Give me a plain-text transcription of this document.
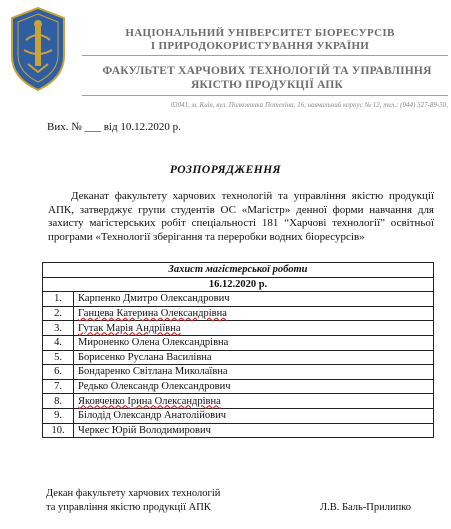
НАЦІОНАЛЬНИЙ УНІВЕРСИТЕТ БІОРЕСУРСІВ
І ПРИРОДОКОРИСТУВАННЯ УКРАЇНИ
ФАКУЛЬТЕТ ХАРЧОВИХ ТЕХНОЛОГІЙ ТА УПРАВЛІННЯ
ЯКІСТЮ ПРОДУКЦІЇ АПК
03041, м. Київ, вул. Полковника Потехіна, 16, навчальний корпус № 12, тел.: (044) 527-89-50,
Вих. № ___ від 10.12.2020 р.
РОЗПОРЯДЖЕННЯ
Деканат факультету харчових технологій та управління якістю продукції АПК, затверджує групи студентів ОС «Магістр» денної форми навчання для захисту магістерських робіт спеціальності 181 “Харчові технології” освітньої програми «Технології зберігання та переробки водних біоресурсів»
Захист магістерської роботи	
16.12.2020 р.	
1.	Карпенко Дмитро Олександрович
2.	Ганцева Катерина Олександрівна
3.	Гутак Марія Андріївна
4.	Мироненко Олена Олександрівна
5.	Борисенко Руслана Василівна
6.	Бондаренко Світлана Миколаївна
7.	Редько Олександр Олександрович
8.	Яковченко Ірина Олександрівна
9.	Білодід Олександр Анатолійович
10.	Черкес Юрій Володимирович
Декан факультету харчових технологій
та управління якістю продукції АПК	Л.В. Баль-Прилипко
